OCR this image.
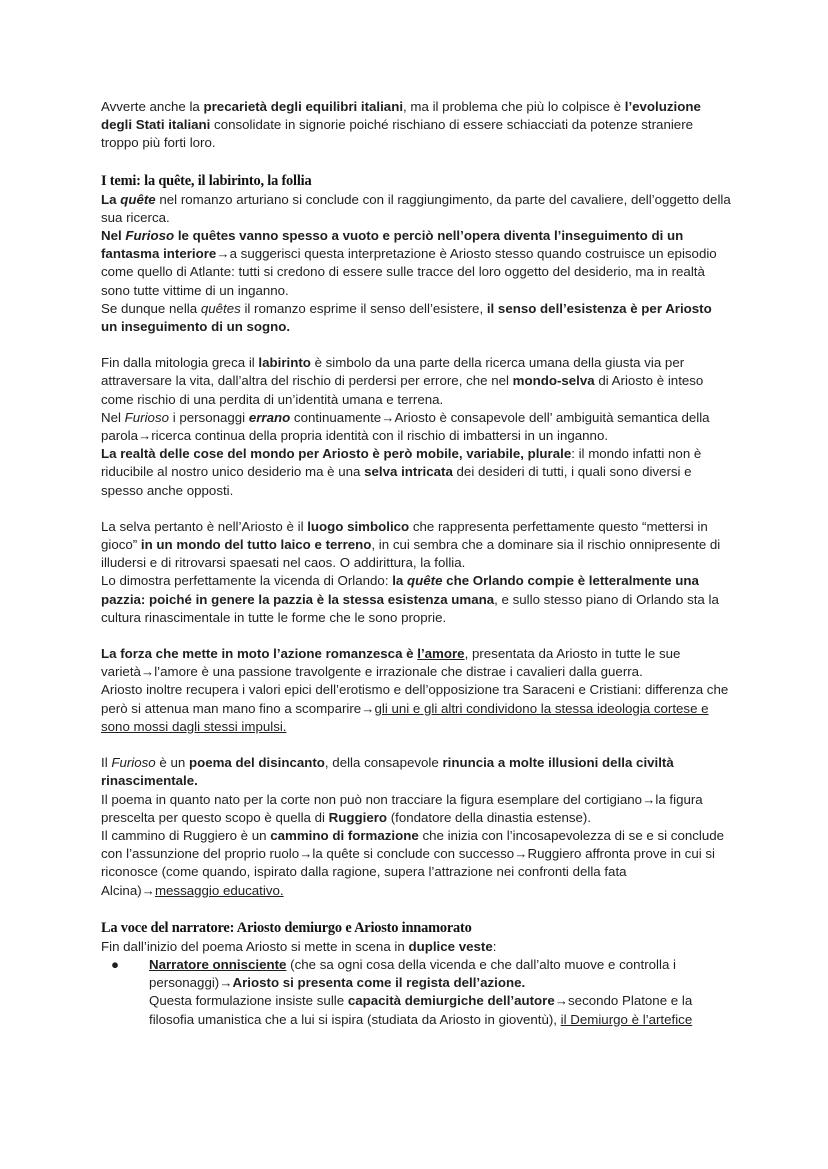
Avverte anche la precarietà degli equilibri italiani, ma il problema che più lo colpisce è l’evoluzione degli Stati italiani consolidate in signorie poiché rischiano di essere schiacciati da potenze straniere troppo più forti loro.

I temi: la quête, il labirinto, la follia

La quête nel romanzo arturiano si conclude con il raggiungimento, da parte del cavaliere, dell’oggetto della sua ricerca.

Nel Furioso le quêtes vanno spesso a vuoto e perciò nell’opera diventa l’inseguimento di un fantasma interiore→a suggerisci questa interpretazione è Ariosto stesso quando costruisce un episodio come quello di Atlante: tutti si credono di essere sulle tracce del loro oggetto del desiderio, ma in realtà sono tutte vittime di un inganno.

Se dunque nella quêtes il romanzo esprime il senso dell’esistere, il senso dell’esistenza è per Ariosto un inseguimento di un sogno.

Fin dalla mitologia greca il labirinto è simbolo da una parte della ricerca umana della giusta via per attraversare la vita, dall’altra del rischio di perdersi per errore, che nel mondo-selva di Ariosto è inteso come rischio di una perdita di un’identità umana e terrena.

Nel Furioso i personaggi errano continuamente→Ariosto è consapevole dell’ ambiguità semantica della parola→ricerca continua della propria identità con il rischio di imbattersi in un inganno.

La realtà delle cose del mondo per Ariosto è però mobile, variabile, plurale: il mondo infatti non è riducibile al nostro unico desiderio ma è una selva intricata dei desideri di tutti, i quali sono diversi e spesso anche opposti.

La selva pertanto è nell’Ariosto è il luogo simbolico che rappresenta perfettamente questo “mettersi in gioco” in un mondo del tutto laico e terreno, in cui sembra che a dominare sia il rischio onnipresente di illudersi e di ritrovarsi spaesati nel caos. O addirittura, la follia.

Lo dimostra perfettamente la vicenda di Orlando: la quête che Orlando compie è letteralmente una pazzia: poiché in genere la pazzia è la stessa esistenza umana, e sullo stesso piano di Orlando sta la cultura rinascimentale in tutte le forme che le sono proprie.

La forza che mette in moto l’azione romanzesca è l’amore, presentata da Ariosto in tutte le sue varietà→l’amore è una passione travolgente e irrazionale che distrae i cavalieri dalla guerra.

Ariosto inoltre recupera i valori epici dell’erotismo e dell’opposizione tra Saraceni e Cristiani: differenza che però si attenua man mano fino a scomparire→gli uni e gli altri condividono la stessa ideologia cortese e sono mossi dagli stessi impulsi.

Il Furioso è un poema del disincanto, della consapevole rinuncia a molte illusioni della civiltà rinascimentale.

Il poema in quanto nato per la corte non può non tracciare la figura esemplare del cortigiano→la figura prescelta per questo scopo è quella di Ruggiero (fondatore della dinastia estense).

Il cammino di Ruggiero è un cammino di formazione che inizia con l’incosapevolezza di se e si conclude con l’assunzione del proprio ruolo→la quête si conclude con successo→Ruggiero affronta prove in cui si riconosce (come quando, ispirato dalla ragione, supera l’attrazione nei confronti della fata Alcina)→messaggio educativo.

La voce del narratore: Ariosto demiurgo e Ariosto innamorato

Fin dall’inizio del poema Ariosto si mette in scena in duplice veste:

● Narratore onnisciente (che sa ogni cosa della vicenda e che dall’alto muove e controlla i personaggi)→Ariosto si presenta come il regista dell’azione.

Questa formulazione insiste sulle capacità demiurgiche dell’autore→secondo Platone e la filosofia umanistica che a lui si ispira (studiata da Ariosto in gioventù), il Demiurgo è l’artefice
